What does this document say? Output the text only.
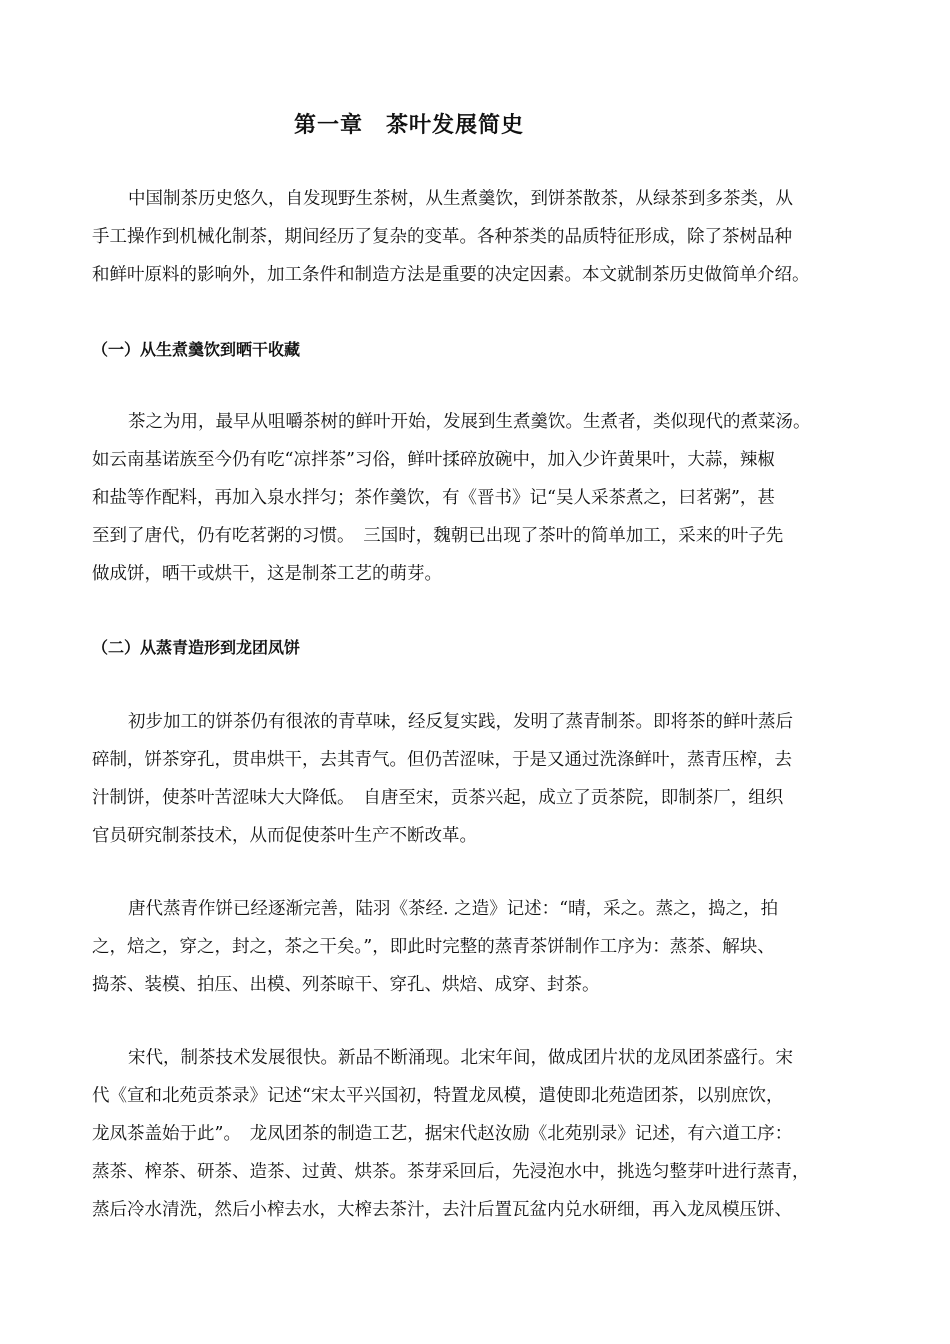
第一章　茶叶发展简史
中国制茶历史悠久，自发现野生茶树，从生煮羹饮，到饼茶散茶，从绿茶到多茶类，从
手工操作到机械化制茶，期间经历了复杂的变革。各种茶类的品质特征形成，除了茶树品种
和鲜叶原料的影响外，加工条件和制造方法是重要的决定因素。本文就制茶历史做简单介绍。
（一）从生煮羹饮到晒干收藏
茶之为用，最早从咀嚼茶树的鲜叶开始，发展到生煮羹饮。生煮者，类似现代的煮菜汤。
如云南基诺族至今仍有吃“凉拌茶”习俗，鲜叶揉碎放碗中，加入少许黄果叶，大蒜，辣椒
和盐等作配料，再加入泉水拌匀；茶作羹饮，有《晋书》记“吴人采茶煮之，曰茗粥”，甚
至到了唐代，仍有吃茗粥的习惯。　三国时，魏朝已出现了茶叶的简单加工，采来的叶子先
做成饼，晒干或烘干，这是制茶工艺的萌芽。
（二）从蒸青造形到龙团凤饼
初步加工的饼茶仍有很浓的青草味，经反复实践，发明了蒸青制茶。即将茶的鲜叶蒸后
碎制，饼茶穿孔，贯串烘干，去其青气。但仍苦涩味，于是又通过洗涤鲜叶，蒸青压榨，去
汁制饼，使茶叶苦涩味大大降低。　自唐至宋，贡茶兴起，成立了贡茶院，即制茶厂，组织
官员研究制茶技术，从而促使茶叶生产不断改革。
唐代蒸青作饼已经逐渐完善，陆羽《茶经. 之造》记述：“晴，采之。蒸之，捣之，拍
之，焙之，穿之，封之，茶之干矣。”，即此时完整的蒸青茶饼制作工序为：蒸茶、解块、
捣茶、装模、拍压、出模、列茶晾干、穿孔、烘焙、成穿、封茶。
宋代，制茶技术发展很快。新品不断涌现。北宋年间，做成团片状的龙凤团茶盛行。宋
代《宣和北苑贡茶录》记述“宋太平兴国初，特置龙凤模，遣使即北苑造团茶，以别庶饮，
龙凤茶盖始于此”。　龙凤团茶的制造工艺，据宋代赵汝励《北苑别录》记述，有六道工序：
蒸茶、榨茶、研茶、造茶、过黄、烘茶。茶芽采回后，先浸泡水中，挑选匀整芽叶进行蒸青，
蒸后冷水清洗，然后小榨去水，大榨去茶汁，去汁后置瓦盆内兑水研细，再入龙凤模压饼、
